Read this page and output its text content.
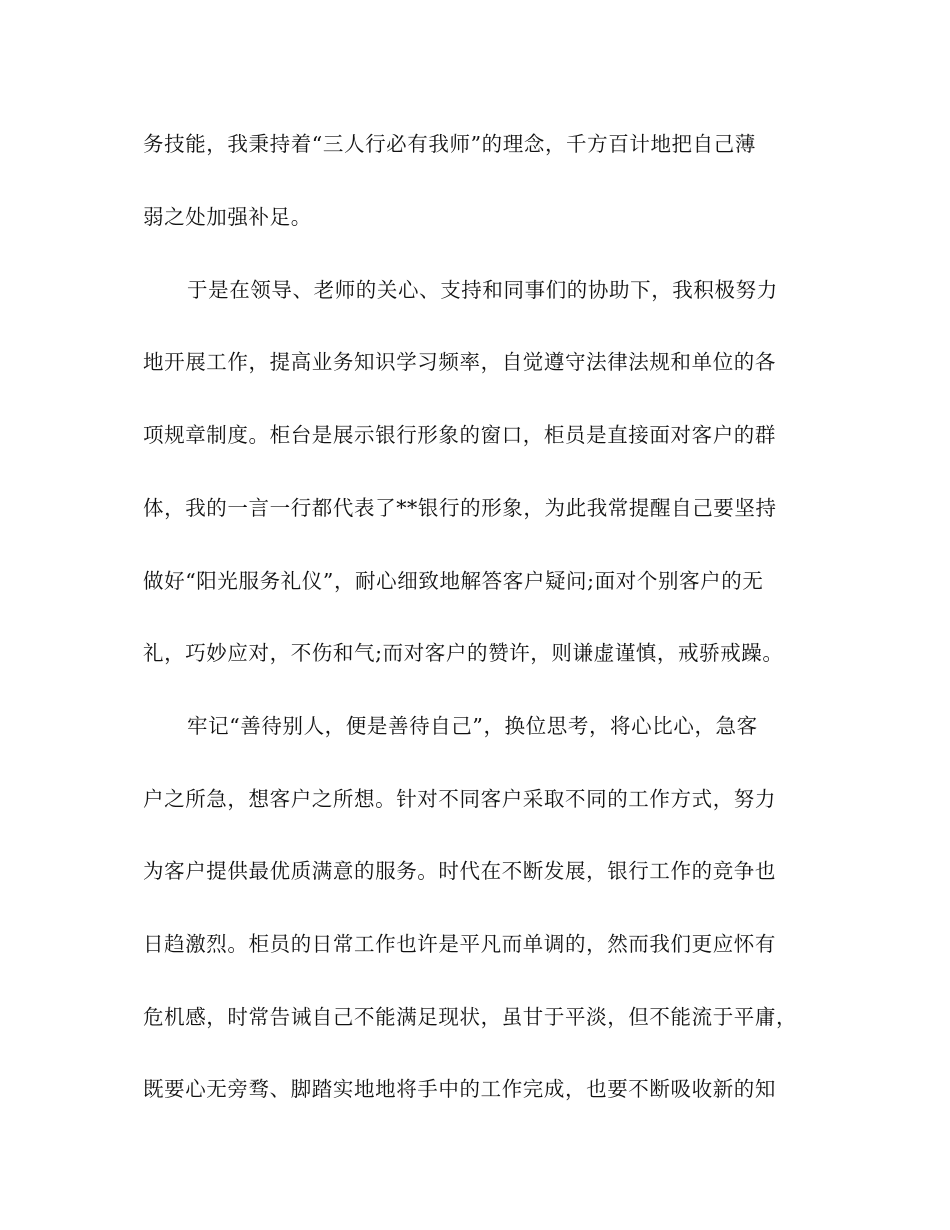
务技能，我秉持着“三人行必有我师”的理念，千方百计地把自己薄
弱之处加强补足。
于是在领导、老师的关心、支持和同事们的协助下，我积极努力
地开展工作，提高业务知识学习频率，自觉遵守法律法规和单位的各
项规章制度。柜台是展示银行形象的窗口，柜员是直接面对客户的群
体，我的一言一行都代表了**银行的形象，为此我常提醒自己要坚持
做好“阳光服务礼仪”，耐心细致地解答客户疑问;面对个别客户的无
礼，巧妙应对，不伤和气;而对客户的赞许，则谦虚谨慎，戒骄戒躁。
牢记“善待别人，便是善待自己”，换位思考，将心比心，急客
户之所急，想客户之所想。针对不同客户采取不同的工作方式，努力
为客户提供最优质满意的服务。时代在不断发展，银行工作的竞争也
日趋激烈。柜员的日常工作也许是平凡而单调的，然而我们更应怀有
危机感，时常告诫自己不能满足现状，虽甘于平淡，但不能流于平庸，
既要心无旁骛、脚踏实地地将手中的工作完成，也要不断吸收新的知
